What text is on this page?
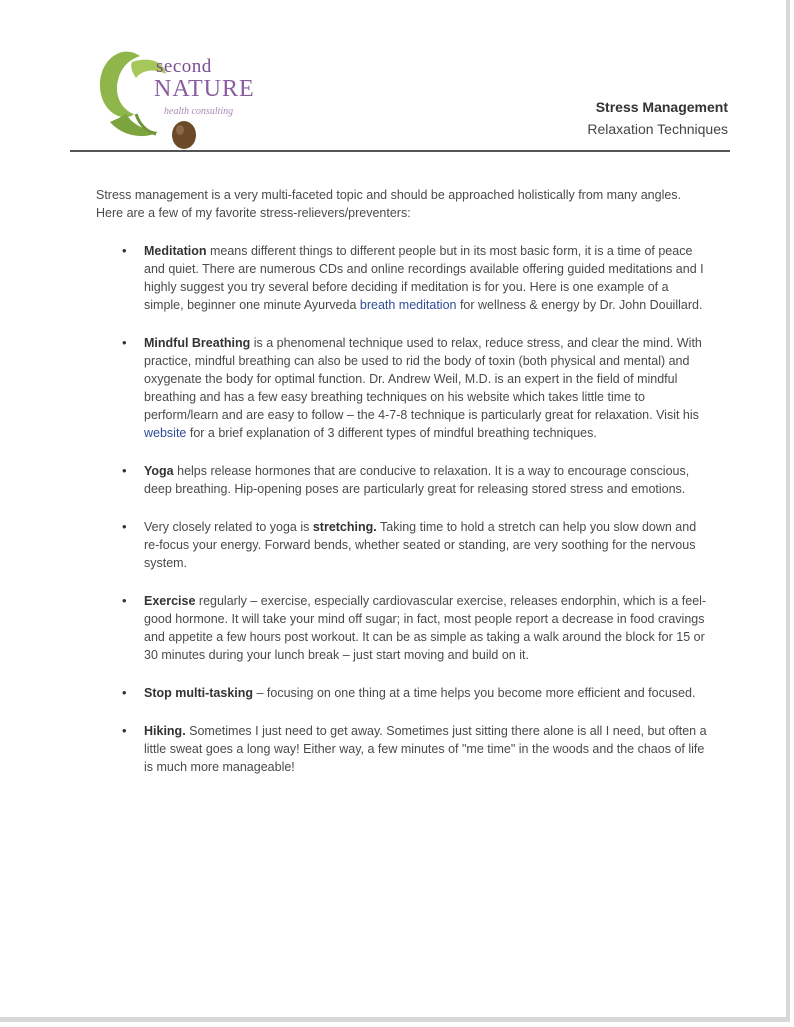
second
NATURE
health consulting	Stress Management
Relaxation Techniques

Stress management is a very multi-faceted topic and should be approached holistically from many angles. Here are a few of my favorite stress-relievers/preventers:

• Meditation means different things to different people but in its most basic form, it is a time of peace and quiet. There are numerous CDs and online recordings available offering guided meditations and I highly suggest you try several before deciding if meditation is for you. Here is one example of a simple, beginner one minute Ayurveda breath meditation for wellness & energy by Dr. John Douillard.
• Mindful Breathing is a phenomenal technique used to relax, reduce stress, and clear the mind. With practice, mindful breathing can also be used to rid the body of toxin (both physical and mental) and oxygenate the body for optimal function. Dr. Andrew Weil, M.D. is an expert in the field of mindful breathing and has a few easy breathing techniques on his website which takes little time to perform/learn and are easy to follow – the 4-7-8 technique is particularly great for relaxation. Visit his website for a brief explanation of 3 different types of mindful breathing techniques.
• Yoga helps release hormones that are conducive to relaxation. It is a way to encourage conscious, deep breathing. Hip-opening poses are particularly great for releasing stored stress and emotions.
• Very closely related to yoga is stretching. Taking time to hold a stretch can help you slow down and re-focus your energy. Forward bends, whether seated or standing, are very soothing for the nervous system.
• Exercise regularly – exercise, especially cardiovascular exercise, releases endorphin, which is a feel-good hormone. It will take your mind off sugar; in fact, most people report a decrease in food cravings and appetite a few hours post workout. It can be as simple as taking a walk around the block for 15 or 30 minutes during your lunch break – just start moving and build on it.
• Stop multi-tasking – focusing on one thing at a time helps you become more efficient and focused.
• Hiking. Sometimes I just need to get away. Sometimes just sitting there alone is all I need, but often a little sweat goes a long way! Either way, a few minutes of "me time" in the woods and the chaos of life is much more manageable!
